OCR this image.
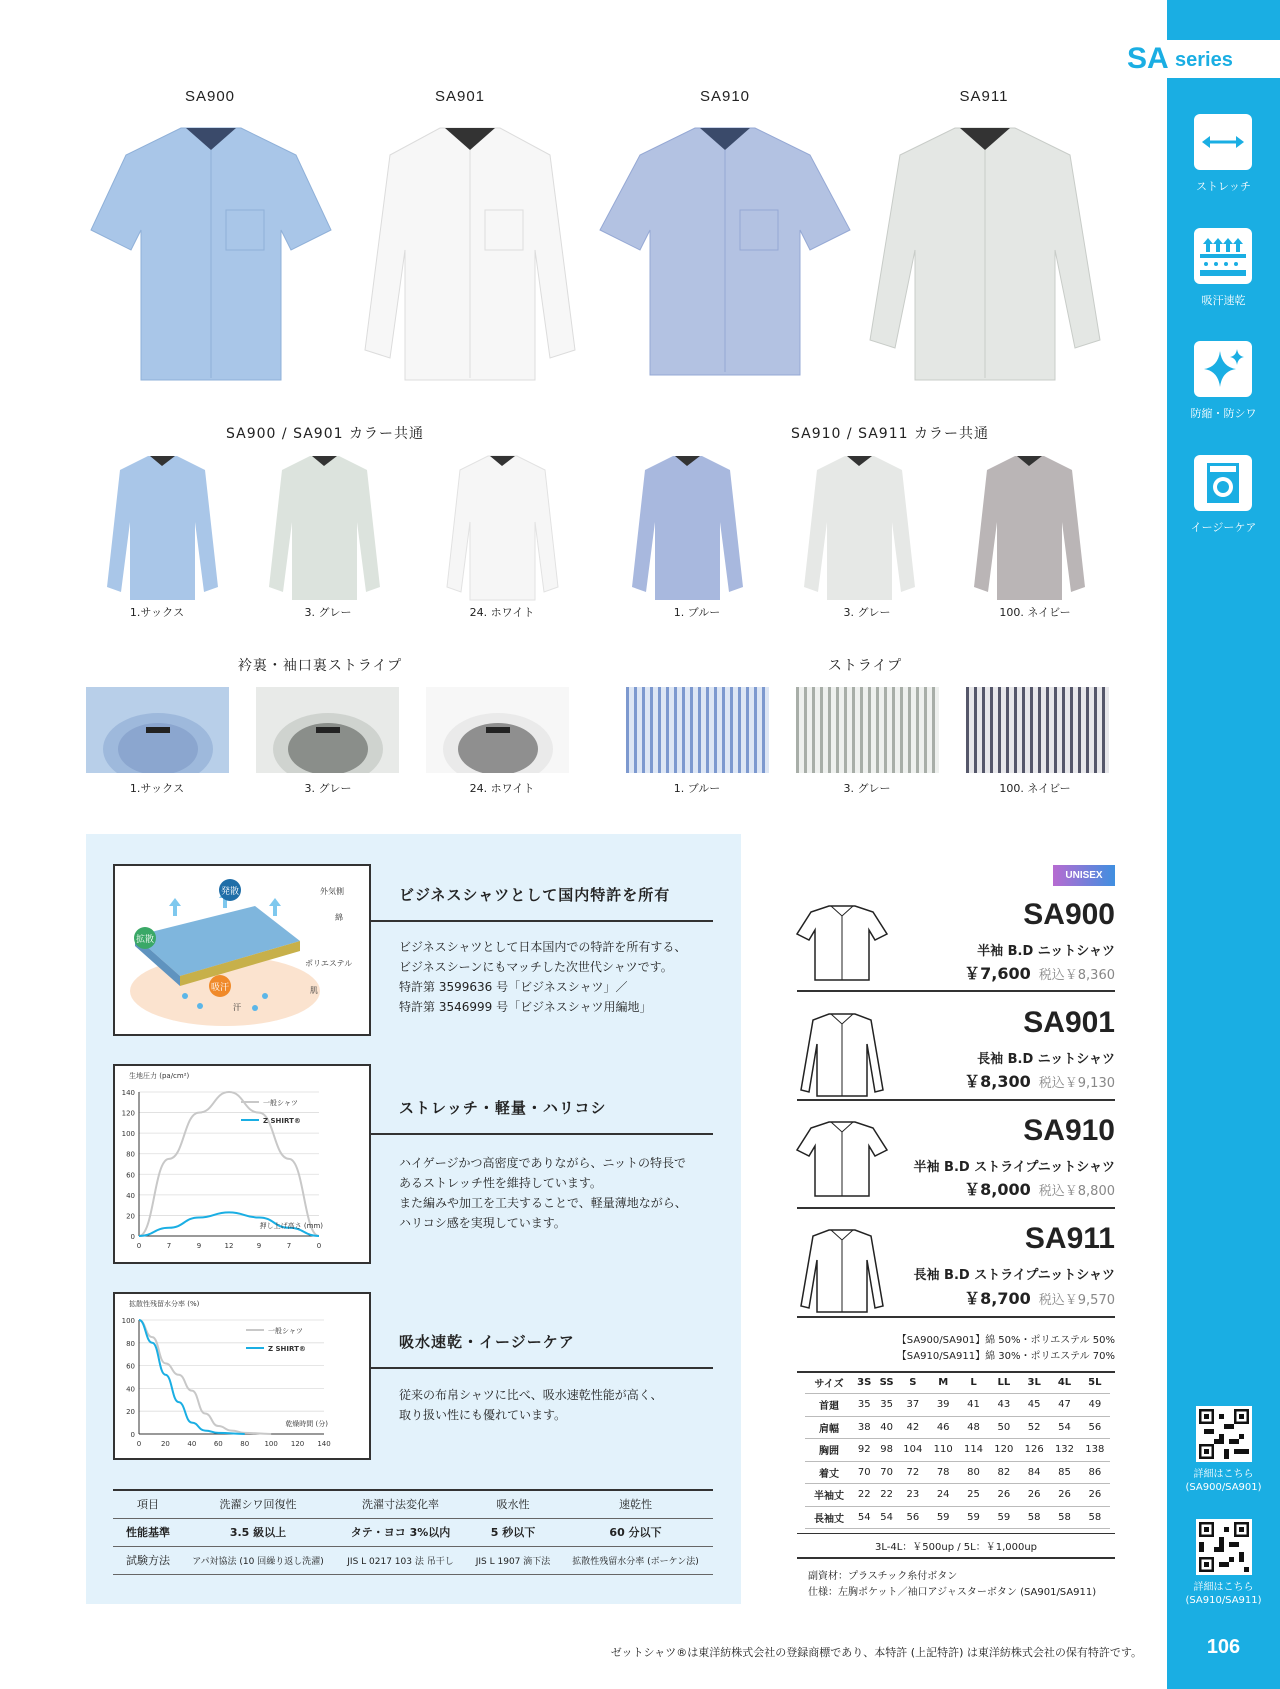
SA series
ストレッチ
吸汗速乾
防縮・防シワ
イージーケア
詳細はこちら
(SA900/SA901)
詳細はこちら
(SA910/SA911)
106
SA900	SA901	SA910	SA911
SA900 / SA901 カラー共通	SA910 / SA911 カラー共通
1.サックス	3. グレー	24. ホワイト	1. ブルー	3. グレー	100. ネイビー
衿裏・袖口裏ストライプ	ストライプ
1.サックス	3. グレー	24. ホワイト	1. ブルー	3. グレー	100. ネイビー
発散	外気側
綿
拡散
ポリエステル
吸汗	肌
汗
ビジネスシャツとして国内特許を所有
ビジネスシャツとして日本国内での特許を所有する、
ビジネスシーンにもマッチした次世代シャツです。
特許第 3599636 号「ビジネスシャツ」／
特許第 3546999 号「ビジネスシャツ用編地」
生地圧力 (pa/cm²)
0
20
40
60
80
100
120
140
0	7	9	12	9	7	0
一般シャツ
Z SHIRT®
押し上げ高さ (mm)
ストレッチ・軽量・ハリコシ
ハイゲージかつ高密度でありながら、ニットの特長で
あるストレッチ性を維持しています。
また編みや加工を工夫することで、軽量薄地ながら、
ハリコシ感を実現しています。
拡散性残留水分率 (%)
0
20
40
60
80
100
0	20	40	60	80 100 120 140
一般シャツ
Z SHIRT®
乾燥時間 (分)
吸水速乾・イージーケア
従来の布帛シャツに比べ、吸水速乾性能が高く、
取り扱い性にも優れています。
項目	洗濯シワ回復性	洗濯寸法変化率	吸水性	速乾性
性能基準	3.5 級以上	タテ・ヨコ 3%以内	5 秒以下	60 分以下
試験方法	アパ対協法 (10 回繰り返し洗濯)	JIS L 0217 103 法 吊干し	JIS L 1907 滴下法	拡散性残留水分率 (ボーケン法)
UNISEX
SA900
半袖 B.D ニットシャツ
￥7,600 税込￥8,360
SA901
長袖 B.D ニットシャツ
￥8,300 税込￥9,130
SA910
半袖 B.D ストライプニットシャツ
￥8,000 税込￥8,800
SA911
長袖 B.D ストライプニットシャツ
￥8,700 税込￥9,570
【SA900/SA901】綿 50%・ポリエステル 50%
【SA910/SA911】綿 30%・ポリエステル 70%
サイズ	3S	SS	S	M	L	LL	3L	4L	5L
首廻	35	35	37	39	41	43	45	47	49
肩幅	38	40	42	46	48	50	52	54	56
胸囲	92	98	104	110	114	120	126	132	138
着丈	70	70	72	78	80	82	84	85	86
半袖丈	22	22	23	24	25	26	26	26	26
長袖丈	54	54	56	59	59	59	58	58	58
3L-4L：￥500up / 5L：￥1,000up
副資材：プラスチック糸付ボタン
仕様：左胸ポケット／袖口アジャスターボタン (SA901/SA911)
ゼットシャツ®は東洋紡株式会社の登録商標であり、本特許 (上記特許) は東洋紡株式会社の保有特許です。
